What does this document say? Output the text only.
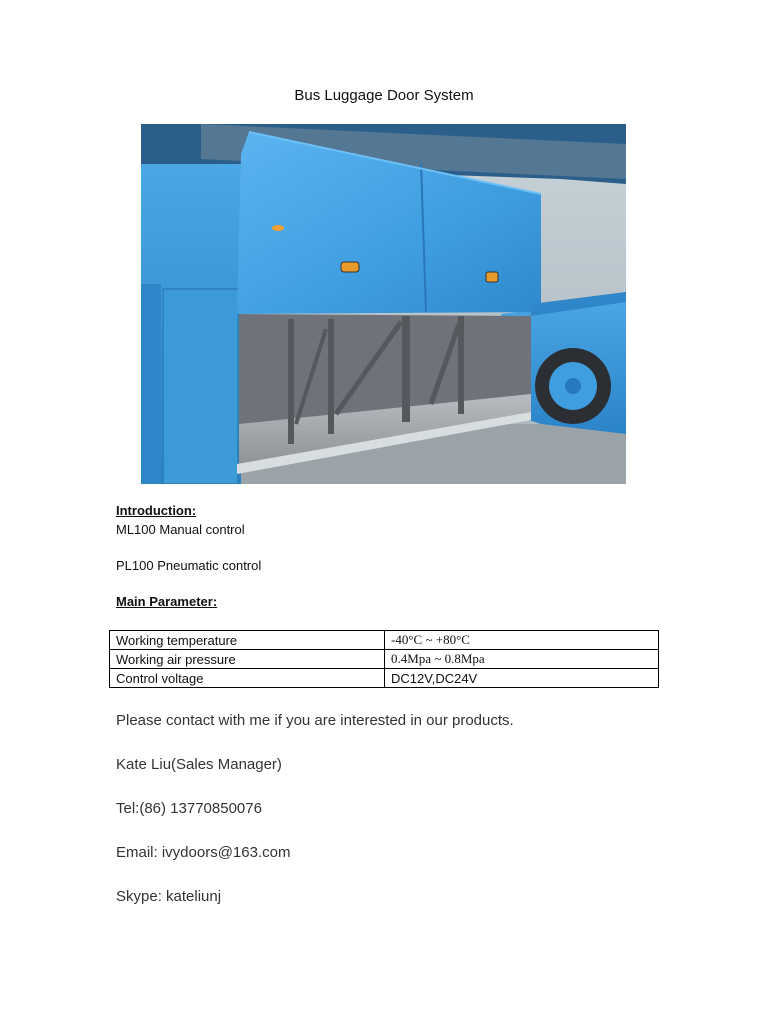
Bus Luggage Door System
Introduction:
ML100 Manual control
PL100 Pneumatic control
Main Parameter:
Working temperature	-40°C ~ +80°C
Working air pressure	0.4Mpa ~ 0.8Mpa
Control voltage	DC12V,DC24V
Please contact with me if you are interested in our products.
Kate Liu(Sales Manager)
Tel:(86) 13770850076
Email: ivydoors@163.com
Skype: kateliunj
